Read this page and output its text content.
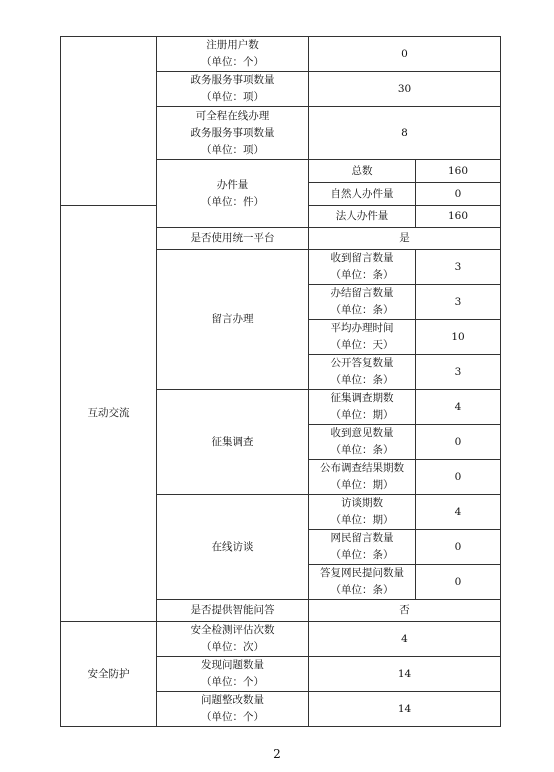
	注册用户数
（单位：个）	0	

	政务服务事项数量
（单位：项）	30	

	可全程在线办理
政务服务事项数量
（单位：项）	8	

	办件量
（单位：件）	总数	160
		自然人办件量	0
互动交流		法人办件量	160
	是否使用统一平台	是	
	留言办理	收到留言数量
（单位：条）	3

		办结留言数量
（单位：条）	3

		平均办理时间
（单位：天）	10

		公开答复数量
（单位：条）	3
	征集调查	征集调查期数
（单位：期）	4

		收到意见数量
（单位：条）	0

		公布调查结果期数
（单位：期）	0
	在线访谈	访谈期数
（单位：期）	4

		网民留言数量
（单位：条）	0

		答复网民提问数量
（单位：条）	0
	是否提供智能问答	否	
安全防护	安全检测评估次数
（单位：次）	4	

	发现问题数量
（单位：个）	14	

	问题整改数量
（单位：个）	14	
2
